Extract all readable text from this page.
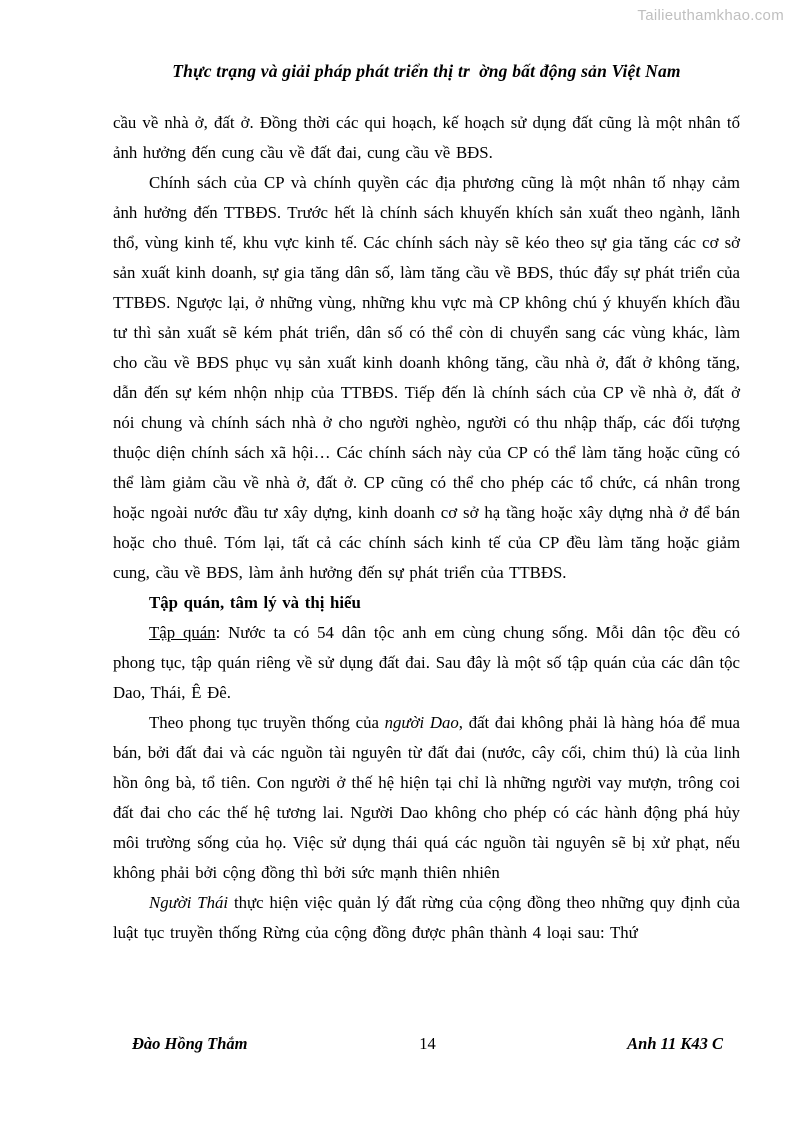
Tailieuthamkhao.com
Thực trạng và giải pháp phát triển thị tr  ờng bất động sản Việt Nam

cầu về nhà ở, đất ở. Đồng thời các qui hoạch, kế hoạch sử dụng đất cũng là một nhân tố ảnh hưởng đến cung cầu về đất đai, cung cầu về BĐS.

Chính sách của CP và chính quyền các địa phương cũng là một nhân tố nhạy cảm ảnh hưởng đến TTBĐS. Trước hết là chính sách khuyến khích sản xuất theo ngành, lãnh thổ, vùng kinh tế, khu vực kinh tế. Các chính sách này sẽ kéo theo sự gia tăng các cơ sở sản xuất kinh doanh, sự gia tăng dân số, làm tăng cầu về BĐS, thúc đẩy sự phát triển của TTBĐS. Ngược lại, ở những vùng, những khu vực mà CP không chú ý khuyến khích đầu tư thì sản xuất sẽ kém phát triển, dân số có thể còn di chuyển sang các vùng khác, làm cho cầu về BĐS phục vụ sản xuất kinh doanh không tăng, cầu nhà ở, đất ở không tăng, dẫn đến sự kém nhộn nhịp của TTBĐS. Tiếp đến là chính sách của CP về nhà ở, đất ở nói chung và chính sách nhà ở cho người nghèo, người có thu nhập thấp, các đối tượng thuộc diện chính sách xã hội… Các chính sách này của CP có thể làm tăng hoặc cũng có thể làm giảm cầu về nhà ở, đất ở. CP cũng có thể cho phép các tổ chức, cá nhân trong hoặc ngoài nước đầu tư xây dựng, kinh doanh cơ sở hạ tầng hoặc xây dựng nhà ở để bán hoặc cho thuê. Tóm lại, tất cả các chính sách kinh tế của CP đều làm tăng hoặc giảm cung, cầu về BĐS, làm ảnh hưởng đến sự phát triển của TTBĐS.

Tập quán, tâm lý và thị hiếu

Tập quán: Nước ta có 54 dân tộc anh em cùng chung sống. Mỗi dân tộc đều có phong tục, tập quán riêng về sử dụng đất đai. Sau đây là một số tập quán của các dân tộc Dao, Thái, Ê Đê.

Theo phong tục truyền thống của người Dao, đất đai không phải là hàng hóa để mua bán, bởi đất đai và các nguồn tài nguyên từ đất đai (nước, cây cối, chim thú) là của linh hồn ông bà, tổ tiên. Con người ở thế hệ hiện tại chỉ là những người vay mượn, trông coi đất đai cho các thế hệ tương lai. Người Dao không cho phép có các hành động phá hủy môi trường sống của họ. Việc sử dụng thái quá các nguồn tài nguyên sẽ bị xử phạt, nếu không phải bởi cộng đồng thì bởi sức mạnh thiên nhiên

Người Thái thực hiện việc quản lý đất rừng của cộng đồng theo những quy định của luật tục truyền thống Rừng của cộng đồng được phân thành 4 loại sau: Thứ

Đào Hồng Thắm	14	Anh 11 K43 C
